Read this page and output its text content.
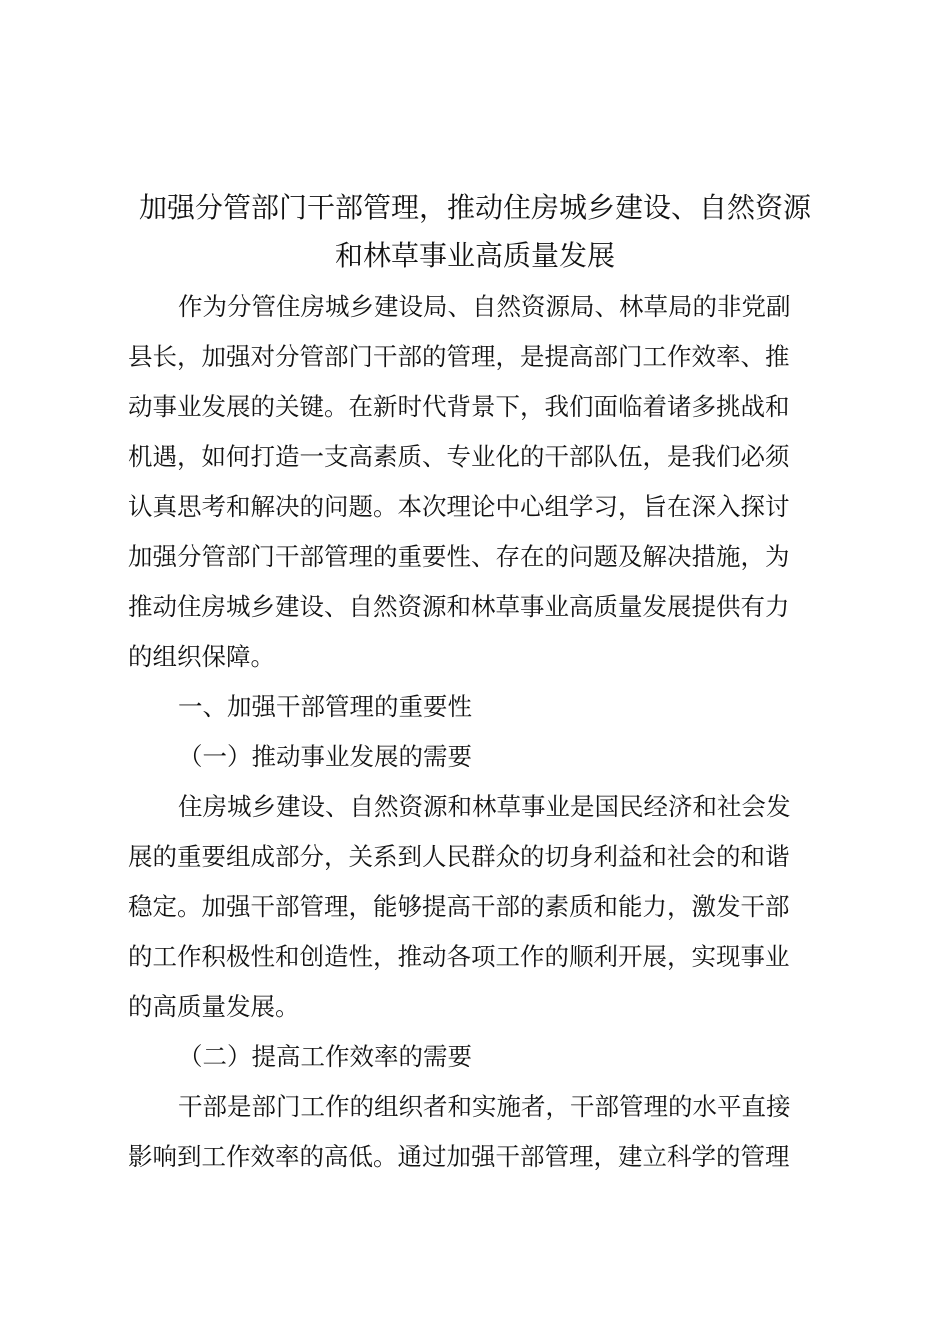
加强分管部门干部管理，推动住房城乡建设、自然资源
和林草事业高质量发展
作为分管住房城乡建设局、自然资源局、林草局的非党副
县长，加强对分管部门干部的管理，是提高部门工作效率、推
动事业发展的关键。在新时代背景下，我们面临着诸多挑战和
机遇，如何打造一支高素质、专业化的干部队伍，是我们必须
认真思考和解决的问题。本次理论中心组学习，旨在深入探讨
加强分管部门干部管理的重要性、存在的问题及解决措施，为
推动住房城乡建设、自然资源和林草事业高质量发展提供有力
的组织保障。
一、加强干部管理的重要性
（一）推动事业发展的需要
住房城乡建设、自然资源和林草事业是国民经济和社会发
展的重要组成部分，关系到人民群众的切身利益和社会的和谐
稳定。加强干部管理，能够提高干部的素质和能力，激发干部
的工作积极性和创造性，推动各项工作的顺利开展，实现事业
的高质量发展。
（二）提高工作效率的需要
干部是部门工作的组织者和实施者，干部管理的水平直接
影响到工作效率的高低。通过加强干部管理，建立科学的管理
